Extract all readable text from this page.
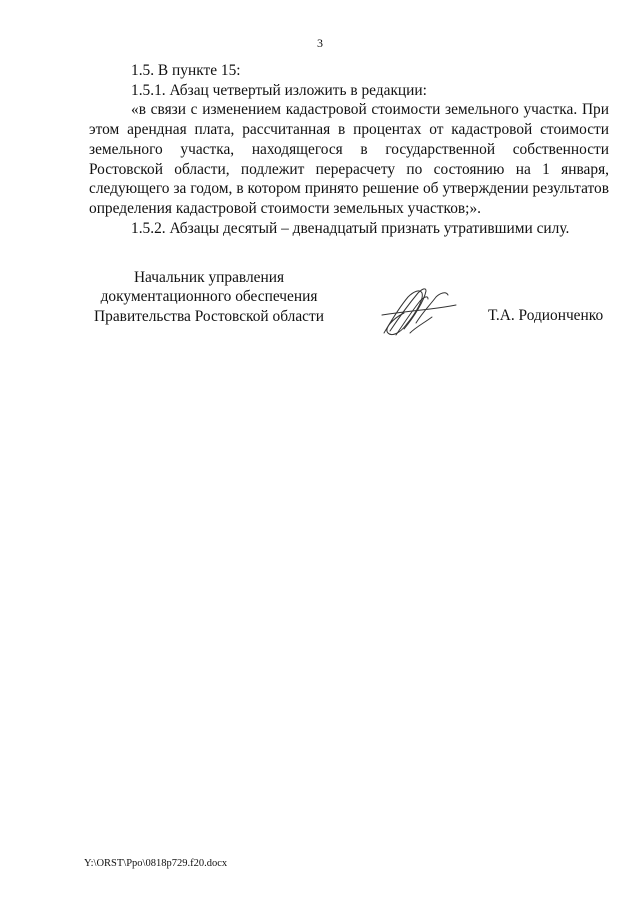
3

1.5. В пункте 15:

1.5.1. Абзац четвертый изложить в редакции:

«в связи с изменением кадастровой стоимости земельного участка. При этом арендная плата, рассчитанная в процентах от кадастровой стоимости земельного участка, находящегося в государственной собственности Ростовской области, подлежит перерасчету по состоянию на 1 января, следующего за годом, в котором принято решение об утверждении результатов определения кадастровой стоимости земельных участков;».

1.5.2. Абзацы десятый – двенадцатый признать утратившими силу.

Начальник управления
документационного обеспечения
Правительства Ростовской области	Т.А. Родионченко
Y:\ORST\Ppo\0818p729.f20.docx
